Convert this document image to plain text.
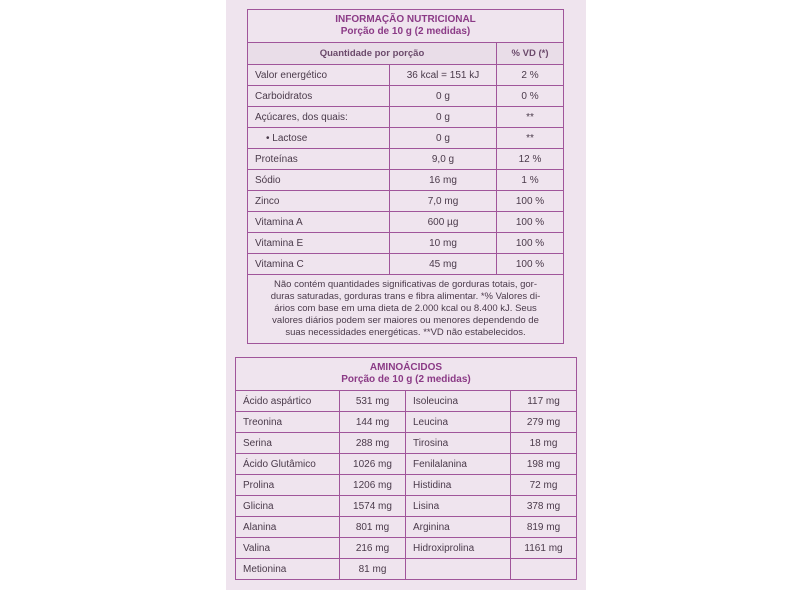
INFORMAÇÃO NUTRICIONAL
Porção de 10 g (2 medidas)		

Quantidade por porção		% VD (*)
Valor energético	36 kcal = 151 kJ	2 %
Carboidratos	0 g	0 %
Açúcares, dos quais:	0 g	**
• Lactose	0 g	**
Proteínas	9,0 g	12 %
Sódio	16 mg	1 %
Zinco	7,0 mg	100 %
Vitamina A	600 µg	100 %
Vitamina E	10 mg	100 %
Vitamina C	45 mg	100 %

Não contém quantidades significativas de gorduras totais, gor-
duras saturadas, gorduras trans e fibra alimentar. *% Valores di-
ários com base em uma dieta de 2.000 kcal ou 8.400 kJ. Seus
valores diários podem ser maiores ou menores dependendo de
suas necessidades energéticas. **VD não estabelecidos.		
AMINOÁCIDOS
Porção de 10 g (2 medidas)			

Ácido aspártico	531 mg	Isoleucina	117 mg
Treonina	144 mg	Leucina	279 mg
Serina	288 mg	Tirosina	18 mg
Ácido Glutâmico	1026 mg	Fenilalanina	198 mg
Prolina	1206 mg	Histidina	72 mg
Glicina	1574 mg	Lisina	378 mg
Alanina	801 mg	Arginina	819 mg
Valina	216 mg	Hidroxiprolina	1161 mg
Metionina	81 mg		
